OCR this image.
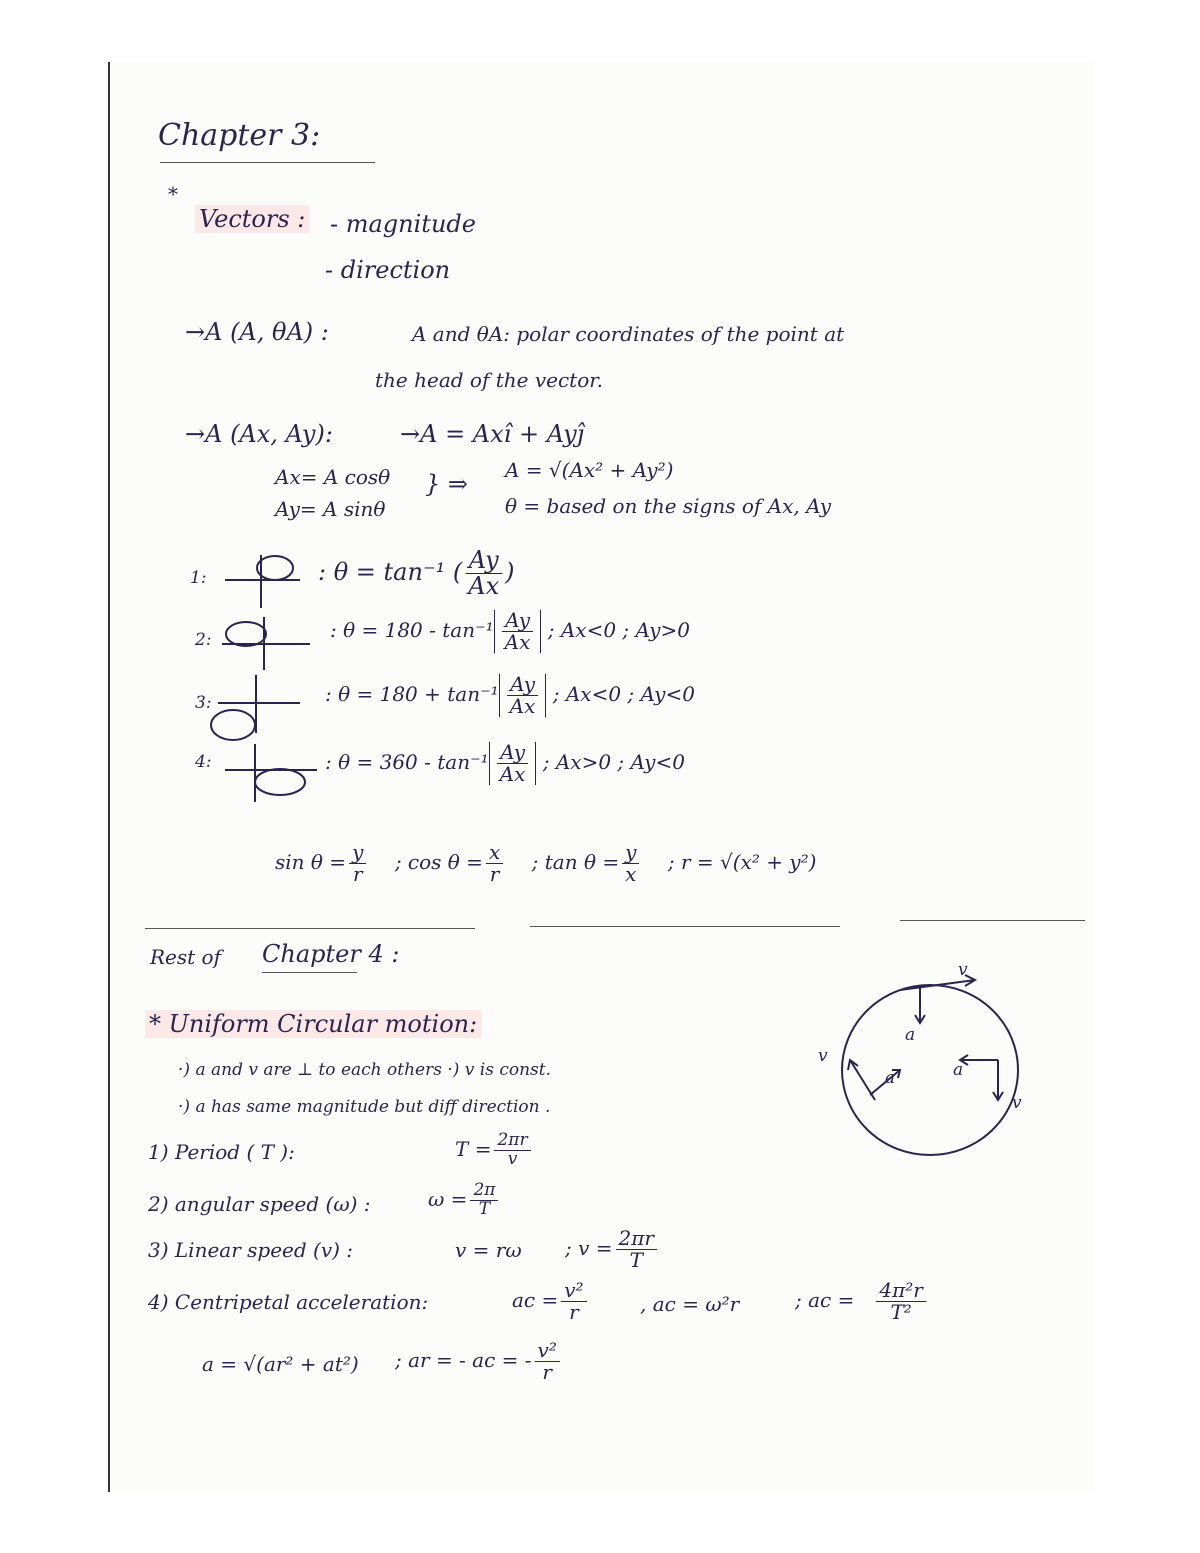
Chapter 3:
*
Vectors : - magnitude
- direction
→A (A, θA) :	A and θA: polar coordinates of the point at
the head of the vector.
→A (Ax, Ay):	→A = Axî + Ayĵ
Ax= A cosθ
Ay= A sinθ
} ⇒ A = √(Ax² + Ay²)
θ = based on the signs of Ax, Ay
1:	: θ = tan⁻¹ ( $\frac{Ay}{Ax}$ )
2:	: $\theta = 180 - \tan^{-1} \frac{Ay}{Ax}$ ; Ax<0 ; Ay>0
3:	: $\theta = 180 + \tan^{-1} \frac{Ay}{Ax}$ ; Ax<0 ; Ay<0
4:	: $\theta = 360 - \tan^{-1} \frac{Ay}{Ax}$ ; Ax>0 ; Ay<0
$\sin \theta = \frac{y}{r}$ ; $\cos \theta = \frac{x}{r}$ ; $\tan \theta = \frac{y}{x}$ ; r = √(x² + y²)
Rest of Chapter 4 :
* Uniform Circular motion:
·) a and v are ⊥ to each others ·) v is const.
·) a has same magnitude but diff direction .
1) Period ( T ):	$T = \frac{2\pi r}{v}$
2) angular speed (ω) :	$\omega = \frac{2\pi}{T}$
3) Linear speed (v) :	v = rω ; $v = \frac{2\pi r}{T}$
4) Centripetal acceleration:	ac = $\frac{\text{v²}}{r}$	, ac = ω²r	; ac = $\frac{\text{4π²r}}{\text{T²}}$
a = √(ar² + at²) ; ar = - ac = - $\frac{\text{v²}}{r}$
v
a
v
a	a
v
